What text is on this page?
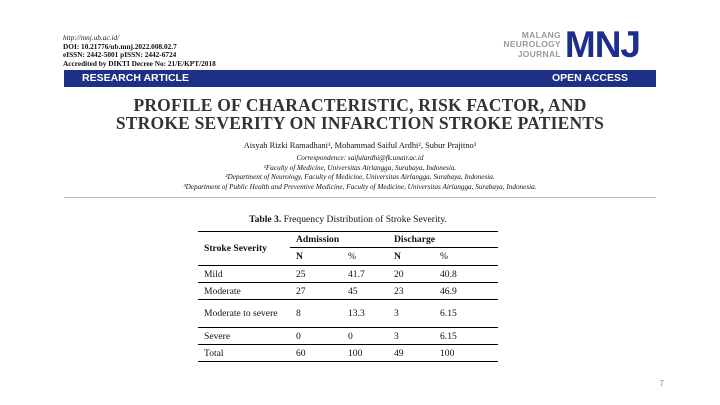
http://mnj.ub.ac.id/
DOI: 10.21776/ub.mnj.2022.008.02.7
eISSN: 2442-5001 pISSN: 2442-6724
Accredited by DIKTI Decree No: 21/E/KPT/2018
MALANG
NEUROLOGY
JOURNAL MNJ
RESEARCH ARTICLE	OPEN ACCESS
PROFILE OF CHARACTERISTIC, RISK FACTOR, AND
STROKE SEVERITY ON INFARCTION STROKE PATIENTS
Aisyah Rizki Ramadhani¹, Mohammad Saiful Ardhi², Subur Prajitno³
Correspondence: saifulardhi@fk.unair.ac.id
¹Faculty of Medicine, Universitas Airlangga, Surabaya, Indonesia.
²Department of Neurology, Faculty of Medicine, Universitas Airlangga, Surabaya, Indonesia.
³Department of Public Health and Preventive Medicine, Faculty of Medicine, Universitas Airlangga, Surabaya, Indonesia.
Table 3. Frequency Distribution of Stroke Severity.
Stroke Severity	Admission		Discharge	
	N	%	N	%
Mild	25	41.7	20	40.8
Moderate	27	45	23	46.9
Moderate to severe	8	13.3	3	6.15
Severe	0	0	3	6.15
Total	60	100	49	100
7
